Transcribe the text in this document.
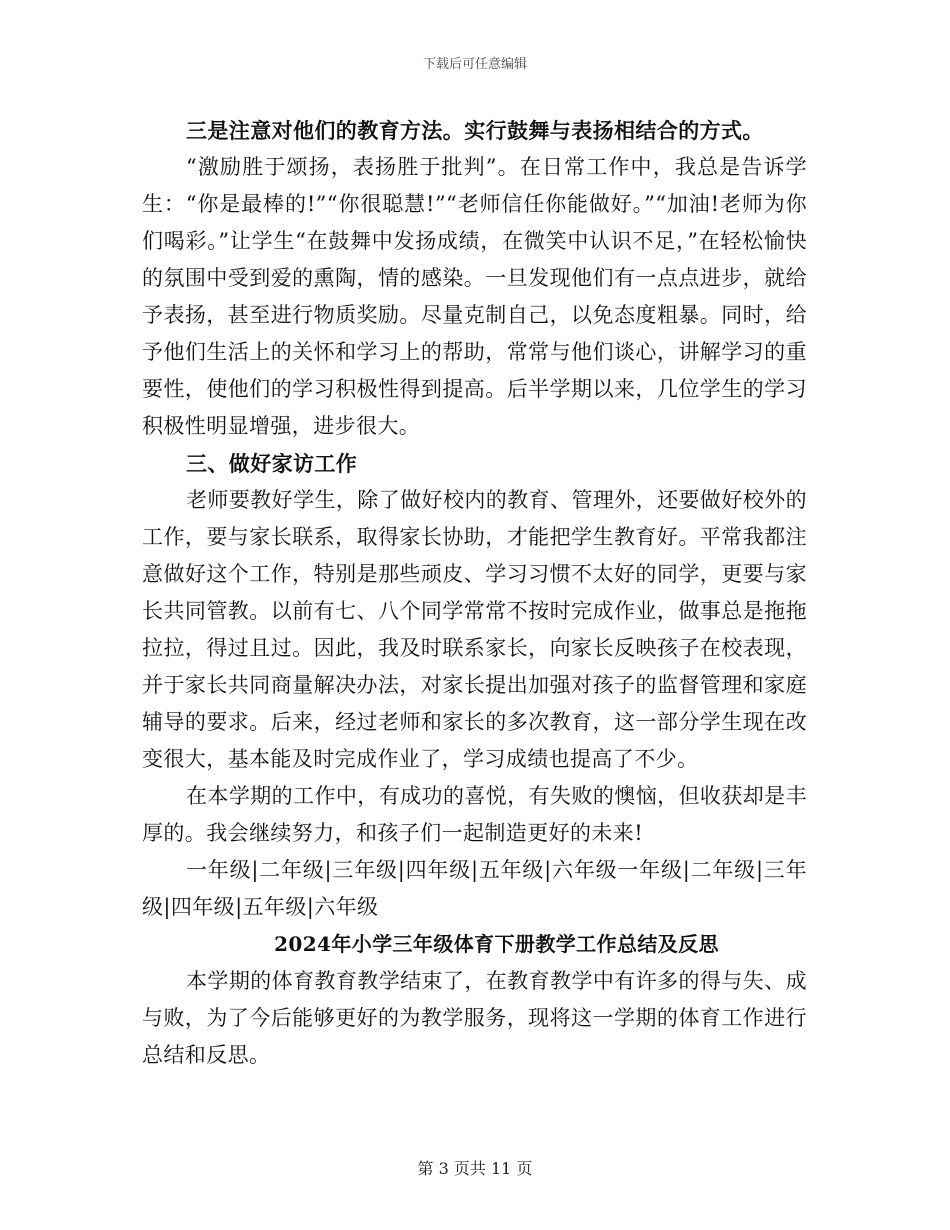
下载后可任意编辑

三是注意对他们的教育方法。实行鼓舞与表扬相结合的方式。

“激励胜于颂扬，表扬胜于批判”。在日常工作中，我总是告诉学生：“你是最棒的!”“你很聪慧!”“老师信任你能做好。”“加油!老师为你们喝彩。”让学生“在鼓舞中发扬成绩，在微笑中认识不足，”在轻松愉快的氛围中受到爱的熏陶，情的感染。一旦发现他们有一点点进步，就给予表扬，甚至进行物质奖励。尽量克制自己，以免态度粗暴。同时，给予他们生活上的关怀和学习上的帮助，常常与他们谈心，讲解学习的重要性，使他们的学习积极性得到提高。后半学期以来，几位学生的学习积极性明显增强，进步很大。

三、做好家访工作

老师要教好学生，除了做好校内的教育、管理外，还要做好校外的工作，要与家长联系，取得家长协助，才能把学生教育好。平常我都注意做好这个工作，特别是那些顽皮、学习习惯不太好的同学，更要与家长共同管教。以前有七、八个同学常常不按时完成作业，做事总是拖拖拉拉，得过且过。因此，我及时联系家长，向家长反映孩子在校表现，并于家长共同商量解决办法，对家长提出加强对孩子的监督管理和家庭辅导的要求。后来，经过老师和家长的多次教育，这一部分学生现在改变很大，基本能及时完成作业了，学习成绩也提高了不少。

在本学期的工作中，有成功的喜悦，有失败的懊恼，但收获却是丰厚的。我会继续努力，和孩子们一起制造更好的未来!

一年级|二年级|三年级|四年级|五年级|六年级一年级|二年级|三年级|四年级|五年级|六年级

2024年小学三年级体育下册教学工作总结及反思

本学期的体育教育教学结束了，在教育教学中有许多的得与失、成与败，为了今后能够更好的为教学服务，现将这一学期的体育工作进行总结和反思。

第 3 页共 11 页
